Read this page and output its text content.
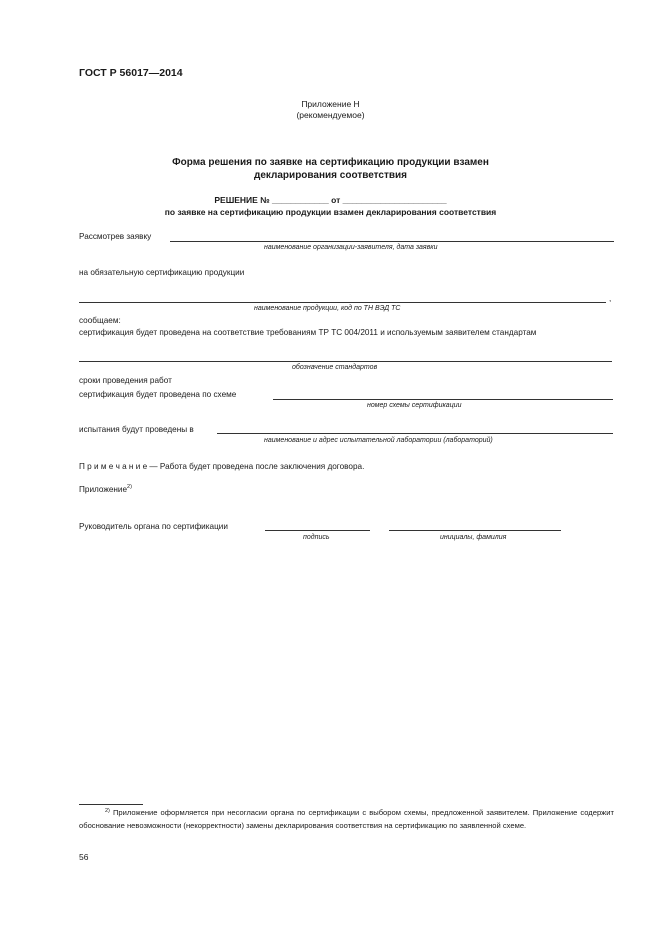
ГОСТ Р 56017—2014
Приложение Н
(рекомендуемое)
Форма решения по заявке на сертификацию продукции взамен
декларирования соответствия
РЕШЕНИЕ № ____________ от ______________________
по заявке на сертификацию продукции взамен декларирования соответствия
Рассмотрев заявку
наименование организации-заявителя, дата заявки
на обязательную сертификацию продукции
,
наименование продукции, код по ТН ВЭД ТС
сообщаем:
сертификация будет проведена на соответствие требованиям ТР ТС 004/2011 и используемым заявителем стандартам
обозначение стандартов
сроки проведения работ
сертификация будет проведена по схеме
номер схемы сертификации
испытания будут проведены в
наименование и адрес испытательной лаборатории (лабораторий)
П р и м е ч а н и е — Работа будет проведена после заключения договора.
Приложение$^{2)}$
Руководитель органа по сертификации
подпись	инициалы, фамилия
$^{2)}$ Приложение оформляется при несогласии органа по сертификации с выбором схемы, предложенной заявителем. Приложение содержит обоснование невозможности (некорректности) замены декларирования соответствия на сертификацию по заявленной схеме.
56
